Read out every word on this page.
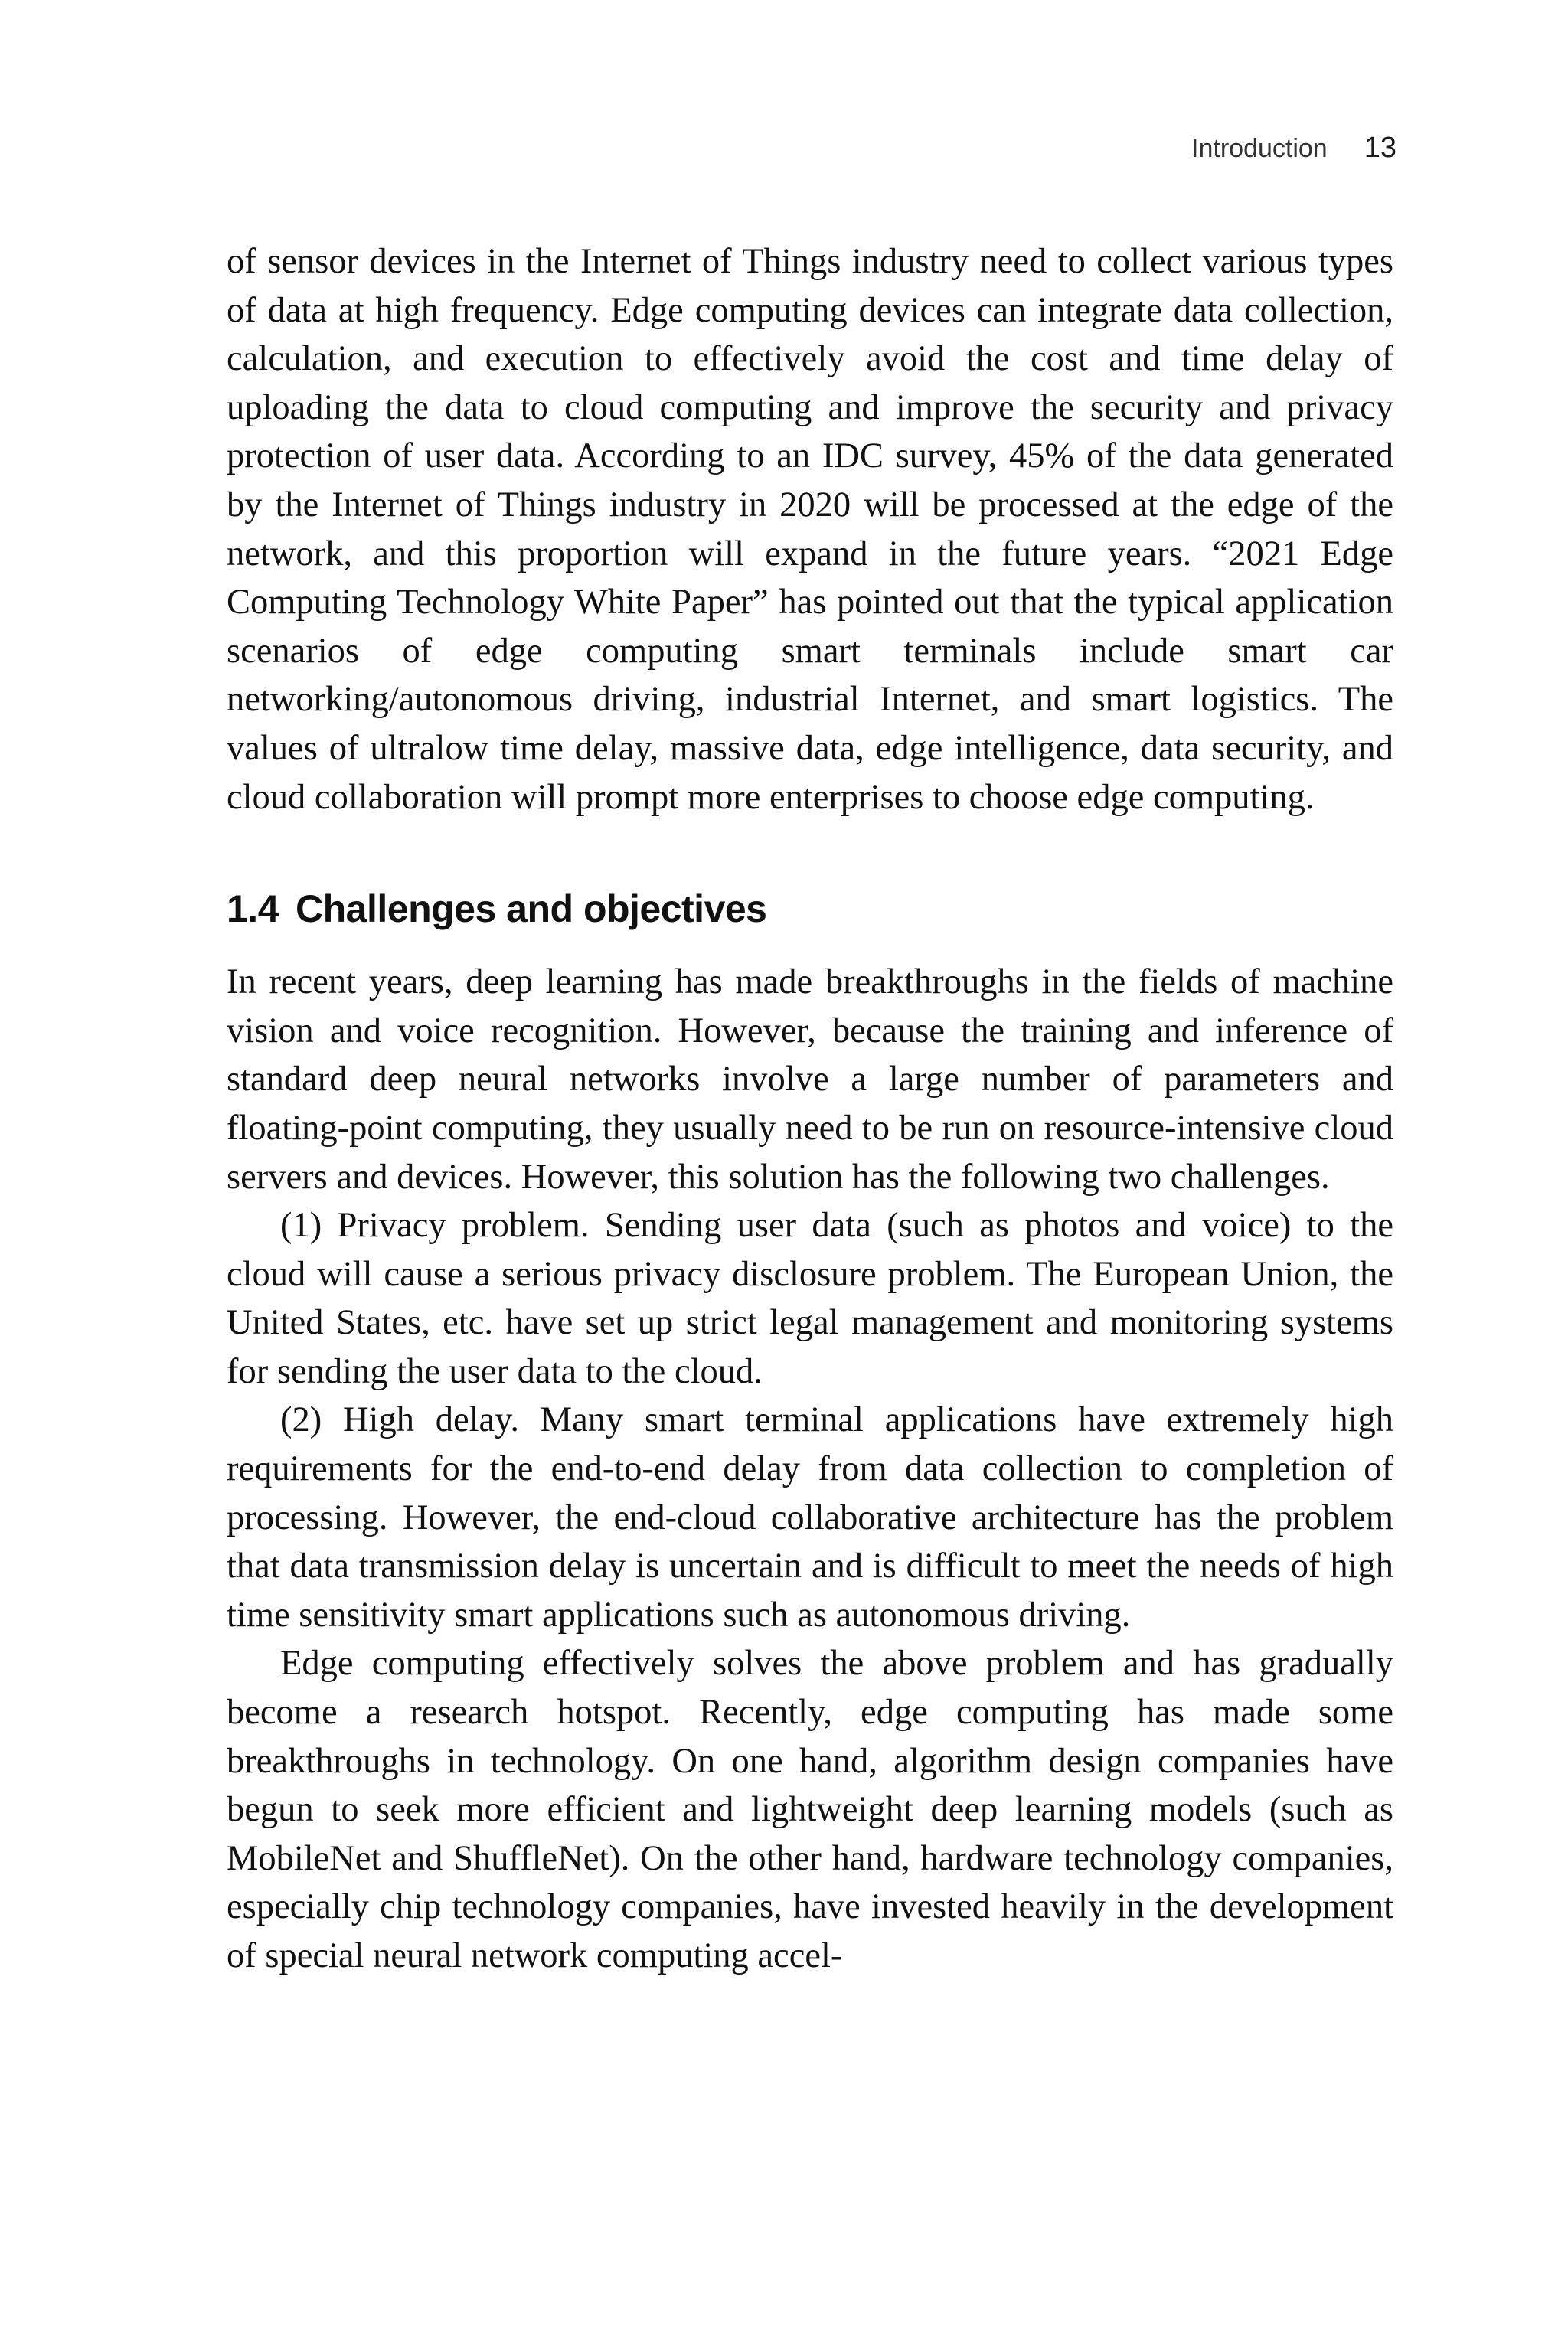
Introduction 13

of sensor devices in the Internet of Things industry need to collect various types of data at high frequency. Edge computing devices can integrate data collection, calculation, and execution to effectively avoid the cost and time delay of uploading the data to cloud computing and improve the security and privacy protection of user data. According to an IDC survey, 45% of the data generated by the Internet of Things industry in 2020 will be processed at the edge of the network, and this proportion will expand in the future years. “2021 Edge Computing Technology White Paper” has pointed out that the typical application scenarios of edge computing smart terminals include smart car networking/autonomous driving, industrial Internet, and smart logistics. The values of ultralow time delay, massive data, edge intelligence, data security, and cloud collaboration will prompt more enterprises to choose edge computing.

1.4 Challenges and objectives

In recent years, deep learning has made breakthroughs in the fields of machine vision and voice recognition. However, because the training and inference of standard deep neural networks involve a large number of parameters and floating-point computing, they usually need to be run on resource-intensive cloud servers and devices. However, this solution has the following two challenges.

(1) Privacy problem. Sending user data (such as photos and voice) to the cloud will cause a serious privacy disclosure problem. The European Union, the United States, etc. have set up strict legal management and monitoring systems for sending the user data to the cloud.

(2) High delay. Many smart terminal applications have extremely high requirements for the end-to-end delay from data collection to completion of processing. However, the end-cloud collaborative architecture has the problem that data transmission delay is uncertain and is difficult to meet the needs of high time sensitivity smart applications such as autonomous driving.

Edge computing effectively solves the above problem and has gradually become a research hotspot. Recently, edge computing has made some breakthroughs in technology. On one hand, algorithm design companies have begun to seek more efficient and lightweight deep learning models (such as MobileNet and ShuffleNet). On the other hand, hardware technology companies, especially chip technology companies, have invested heavily in the development of special neural network computing accel-
